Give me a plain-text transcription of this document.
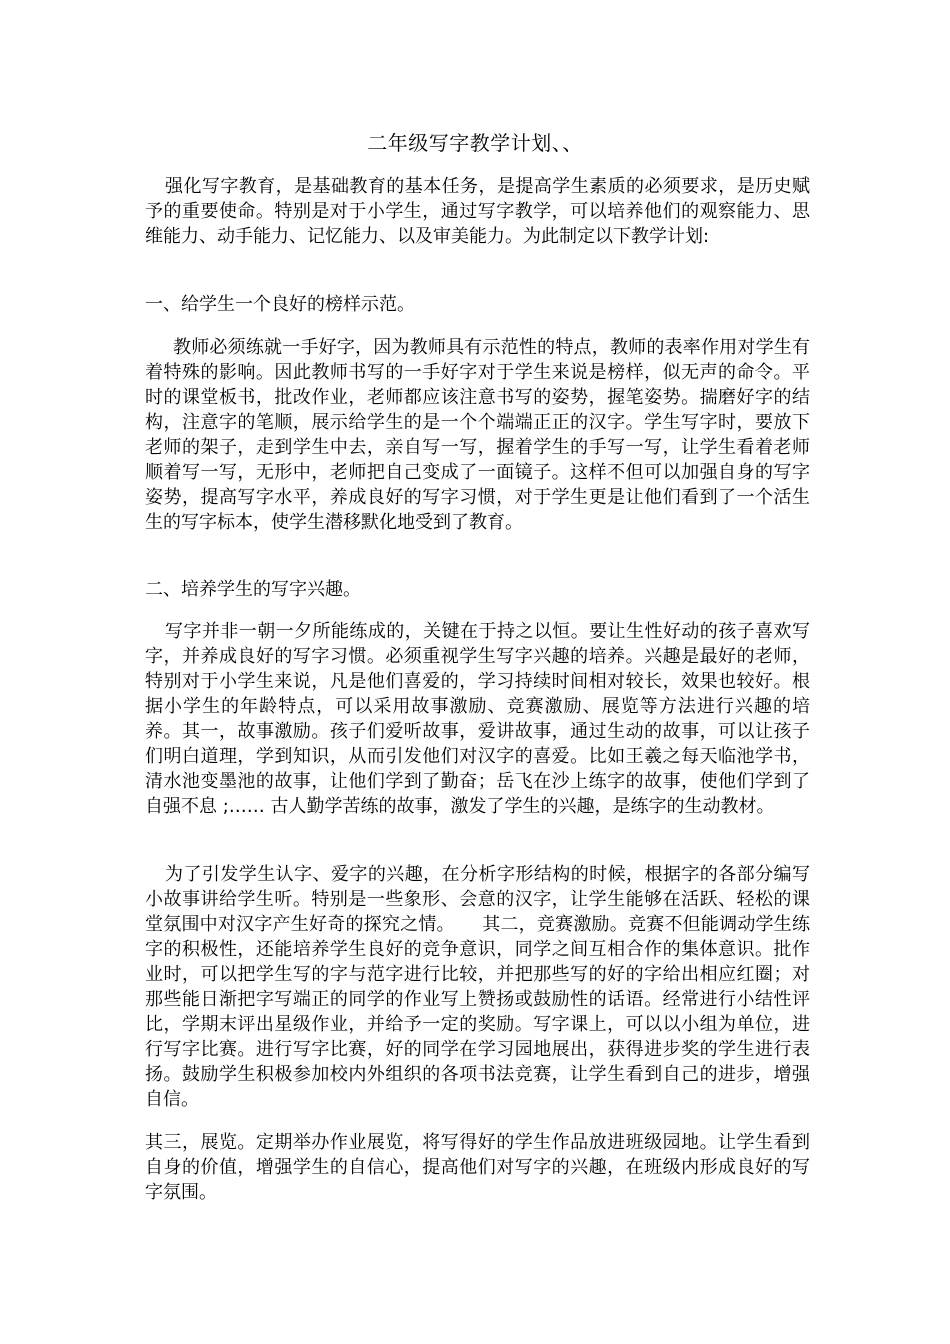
二年级写字教学计划、、

强化写字教育，是基础教育的基本任务，是提高学生素质的必须要求，是历史赋予的重要使命。特别是对于小学生，通过写字教学，可以培养他们的观察能力、思维能力、动手能力、记忆能力、以及审美能力。为此制定以下教学计划:

一、给学生一个良好的榜样示范。

教师必须练就一手好字，因为教师具有示范性的特点，教师的表率作用对学生有着特殊的影响。因此教师书写的一手好字对于学生来说是榜样，似无声的命令。平时的课堂板书，批改作业，老师都应该注意书写的姿势，握笔姿势。揣磨好字的结构，注意字的笔顺，展示给学生的是一个个端端正正的汉字。学生写字时，要放下老师的架子，走到学生中去，亲自写一写，握着学生的手写一写，让学生看着老师顺着写一写，无形中，老师把自己变成了一面镜子。这样不但可以加强自身的写字姿势，提高写字水平，养成良好的写字习惯，对于学生更是让他们看到了一个活生生的写字标本，使学生潜移默化地受到了教育。

二、培养学生的写字兴趣。

写字并非一朝一夕所能练成的，关键在于持之以恒。要让生性好动的孩子喜欢写字，并养成良好的写字习惯。必须重视学生写字兴趣的培养。兴趣是最好的老师，特别对于小学生来说，凡是他们喜爱的，学习持续时间相对较长，效果也较好。根据小学生的年龄特点，可以采用故事激励、竞赛激励、展览等方法进行兴趣的培养。其一，故事激励。孩子们爱听故事，爱讲故事，通过生动的故事，可以让孩子们明白道理，学到知识，从而引发他们对汉字的喜爱。比如王羲之每天临池学书，清水池变墨池的故事，让他们学到了勤奋；岳飞在沙上练字的故事，使他们学到了自强不息 ;…… 古人勤学苦练的故事，激发了学生的兴趣，是练字的生动教材。

为了引发学生认字、爱字的兴趣，在分析字形结构的时候，根据字的各部分编写小故事讲给学生听。特别是一些象形、会意的汉字，让学生能够在活跃、轻松的课堂氛围中对汉字产生好奇的探究之情。　　其二，竞赛激励。竞赛不但能调动学生练字的积极性，还能培养学生良好的竞争意识，同学之间互相合作的集体意识。批作业时，可以把学生写的字与范字进行比较，并把那些写的好的字给出相应红圈；对那些能日渐把字写端正的同学的作业写上赞扬或鼓励性的话语。经常进行小结性评比，学期末评出星级作业，并给予一定的奖励。写字课上，可以以小组为单位，进行写字比赛。进行写字比赛，好的同学在学习园地展出，获得进步奖的学生进行表扬。鼓励学生积极参加校内外组织的各项书法竞赛，让学生看到自己的进步，增强自信。

其三，展览。定期举办作业展览，将写得好的学生作品放进班级园地。让学生看到自身的价值，增强学生的自信心，提高他们对写字的兴趣，在班级内形成良好的写字氛围。
